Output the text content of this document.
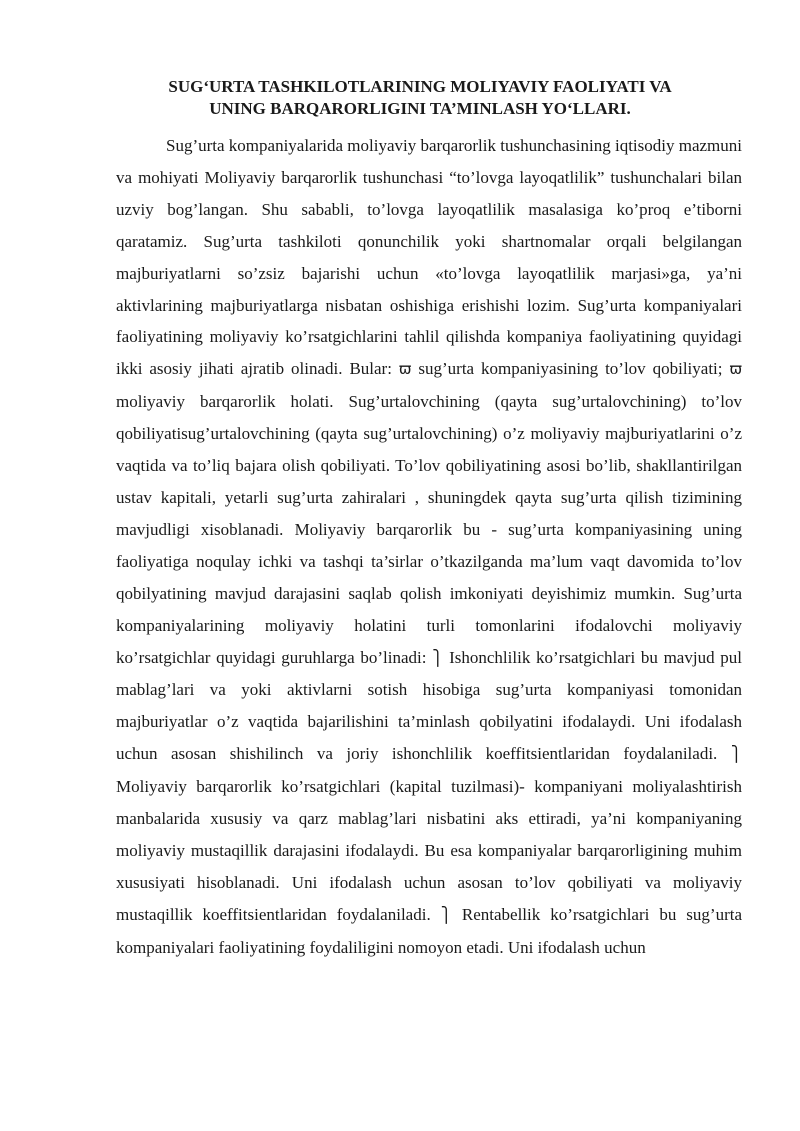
SUG‘URTA TASHKILOTLARINING MOLIYAVIY FAOLIYATI VA
UNING BARQARORLIGINI TA’MINLASH YO‘LLARI.

Sug’urta kompaniyalarida moliyaviy barqarorlik tushunchasining iqtisodiy mazmuni va mohiyati Moliyaviy barqarorlik tushunchasi “to’lovga layoqatlilik” tushunchalari bilan uzviy bog’langan. Shu sababli, to’lovga layoqatlilik masalasiga ko’proq e’tiborni qaratamiz. Sug’urta tashkiloti qonunchilik yoki shartnomalar orqali belgilangan majburiyatlarni so’zsiz bajarishi uchun «to’lovga layoqatlilik marjasi»ga, ya’ni aktivlarining majburiyatlarga nisbatan oshishiga erishishi lozim. Sug’urta kompaniyalari faoliyatining moliyaviy ko’rsatgichlarini tahlil qilishda kompaniya faoliyatining quyidagi ikki asosiy jihati ajratib olinadi. Bular: ϖ sug’urta kompaniyasining to’lov qobiliyati; ϖ moliyaviy barqarorlik holati. Sug’urtalovchining (qayta sug’urtalovchining) to’lov qobiliyatisug’urtalovchining (qayta sug’urtalovchining) o’z moliyaviy majburiyatlarini o’z vaqtida va to’liq bajara olish qobiliyati. To’lov qobiliyatining asosi bo’lib, shakllantirilgan ustav kapitali, yetarli sug’urta zahiralari , shuningdek qayta sug’urta qilish tizimining mavjudligi xisoblanadi. Moliyaviy barqarorlik bu - sug’urta kompaniyasining uning faoliyatiga noqulay ichki va tashqi ta’sirlar o’tkazilganda ma’lum vaqt davomida to’lov qobilyatining mavjud darajasini saqlab qolish imkoniyati deyishimiz mumkin. Sug’urta kompaniyalarining moliyaviy holatini turli tomonlarini ifodalovchi moliyaviy ko’rsatgichlar quyidagi guruhlarga bo’linadi: ⎫ Ishonchlilik ko’rsatgichlari bu mavjud pul mablag’lari va yoki aktivlarni sotish hisobiga sug’urta kompaniyasi tomonidan majburiyatlar o’z vaqtida bajarilishini ta’minlash qobilyatini ifodalaydi. Uni ifodalash uchun asosan shishilinch va joriy ishonchlilik koeffitsientlaridan foydalaniladi. ⎫ Moliyaviy barqarorlik ko’rsatgichlari (kapital tuzilmasi)- kompaniyani moliyalashtirish manbalarida xususiy va qarz mablag’lari nisbatini aks ettiradi, ya’ni kompaniyaning moliyaviy mustaqillik darajasini ifodalaydi. Bu esa kompaniyalar barqarorligining muhim xususiyati hisoblanadi. Uni ifodalash uchun asosan to’lov qobiliyati va moliyaviy mustaqillik koeffitsientlaridan foydalaniladi. ⎫ Rentabellik ko’rsatgichlari bu sug’urta kompaniyalari faoliyatining foydaliligini nomoyon etadi. Uni ifodalash uchun
